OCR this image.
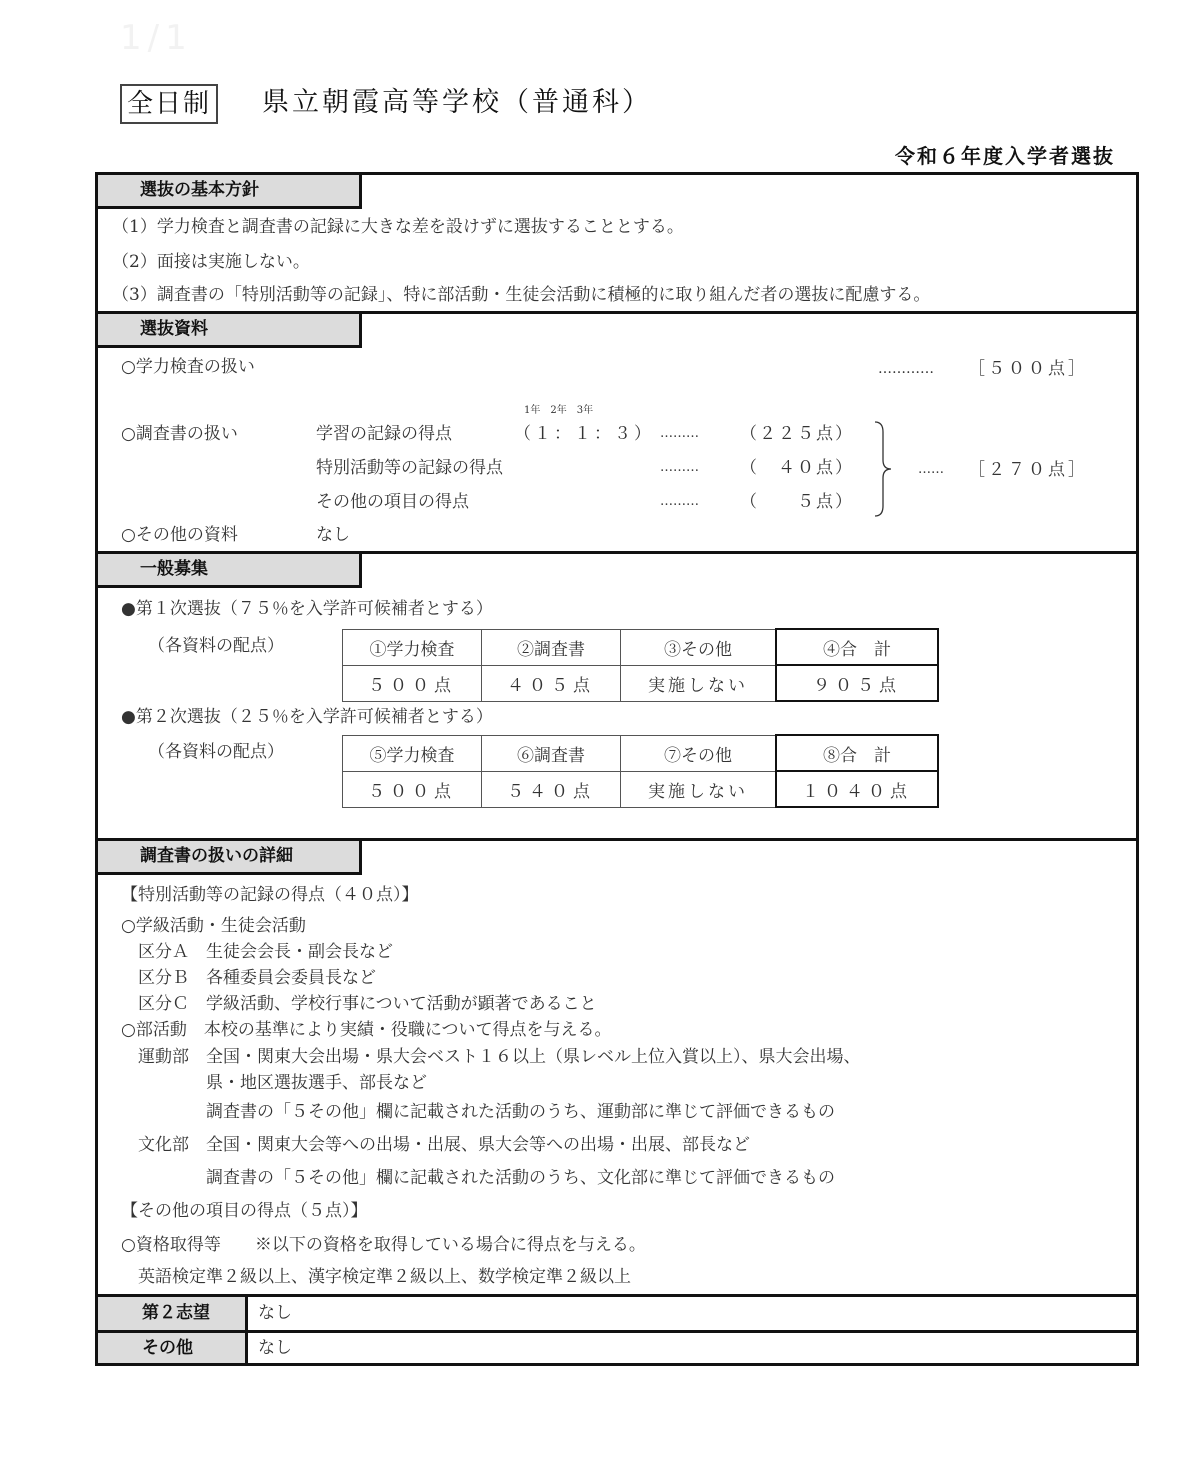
1/1
全日制 県立朝霞高等学校（普通科）
令和６年度入学者選抜
選抜の基本方針
（1）学力検査と調査書の記録に大きな差を設けずに選抜することとする。
（2）面接は実施しない。
（3）調査書の「特別活動等の記録」、特に部活動・生徒会活動に積極的に取り組んだ者の選抜に配慮する。
選抜資料
○学力検査の扱い	………… ［５００点］
1年　2年　3年
○調査書の扱い	学習の記録の得点	（１：１：３） ……… （２２５点）
特別活動等の記録の得点	……… （　４０点）
その他の項目の得点	……… （　　５点）
…… ［２７０点］
○その他の資料	なし
一般募集
●第１次選抜（７５％を入学許可候補者とする）
（各資料の配点）	①学力検査	②調査書	③その他	④合　計
５００点	４０５点	実施しない	９０５点
●第２次選抜（２５％を入学許可候補者とする）
（各資料の配点）	⑤学力検査	⑥調査書	⑦その他	⑧合　計
５００点	５４０点	実施しない	１０４０点
調査書の扱いの詳細
【特別活動等の記録の得点（４０点）】
○学級活動・生徒会活動
　区分Ａ　生徒会会長・副会長など
　区分Ｂ　各種委員会委員長など
　区分Ｃ　学級活動、学校行事について活動が顕著であること
○部活動　本校の基準により実績・役職について得点を与える。
　運動部　全国・関東大会出場・県大会ベスト１６以上（県レベル上位入賞以上）、県大会出場、
　　　　　県・地区選抜選手、部長など
　　　　　調査書の「５その他」欄に記載された活動のうち、運動部に準じて評価できるもの
　文化部　全国・関東大会等への出場・出展、県大会等への出場・出展、部長など
　　　　　調査書の「５その他」欄に記載された活動のうち、文化部に準じて評価できるもの
【その他の項目の得点（５点）】
○資格取得等　　※以下の資格を取得している場合に得点を与える。
　英語検定準２級以上、漢字検定準２級以上、数学検定準２級以上
第２志望	なし
その他	なし
